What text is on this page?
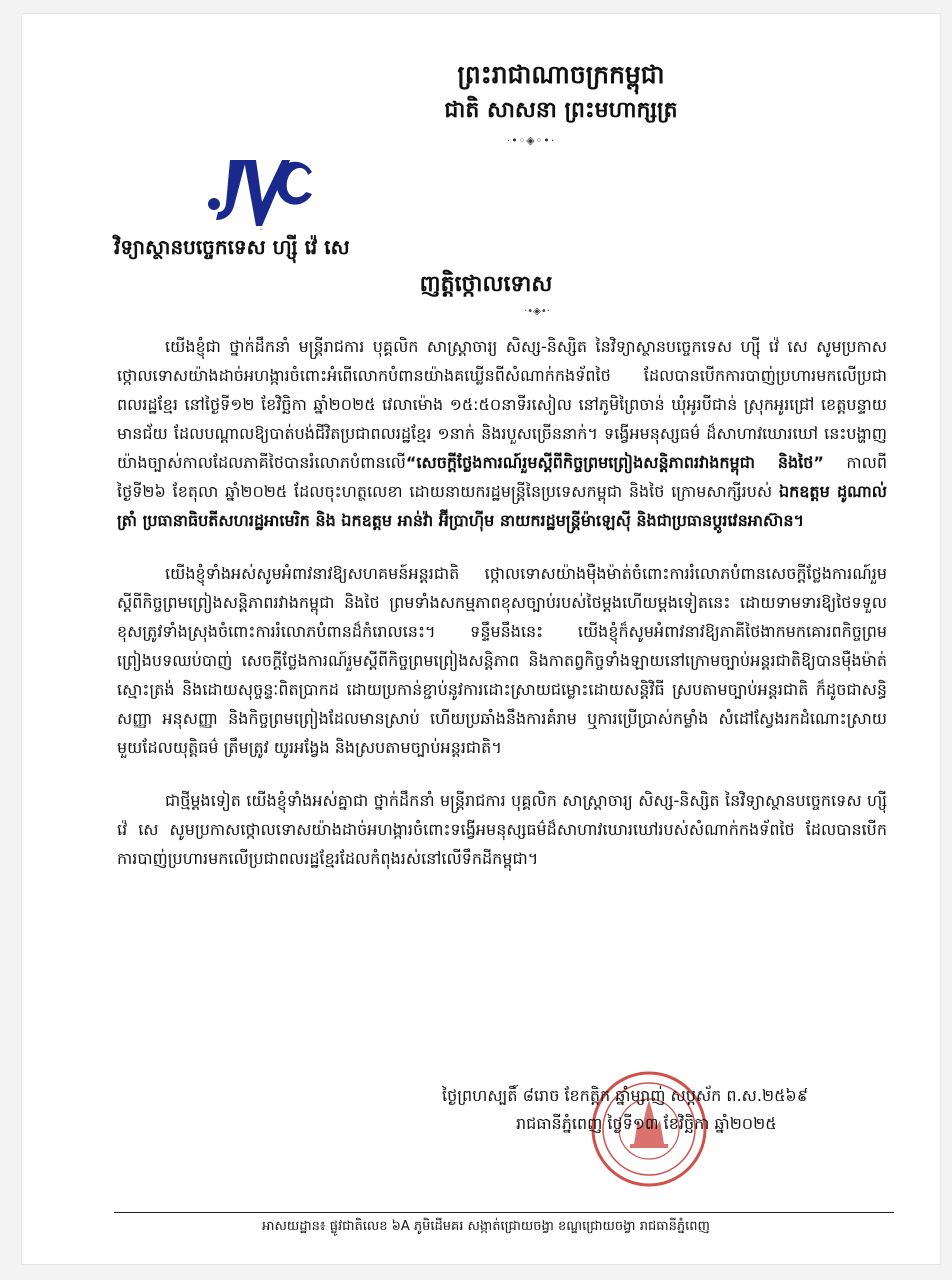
ព្រះរាជាណាចក្រកម្ពុជា
ជាតិ សាសនា ព្រះមហាក្សត្រ
·•◦◈◦•·
JVC
វិទ្យាស្ថានបច្ចេកទេស ហ្ស៊ី វ៉េ សេ
ញត្តិថ្កោលទោស
·•◈•·

យើងខ្ញុំជា ថ្នាក់ដឹកនាំ មន្ត្រីរាជការ បុគ្គលិក សាស្ត្រាចារ្យ សិស្ស-និស្សិត នៃវិទ្យាស្ថានបច្ចេកទេស ហ្ស៊ី វ៉េ សេ សូមប្រកាសថ្កោលទោសយ៉ាងដាច់អហង្ការចំពោះអំពើលោកបំពានយ៉ាងគឃ្លើនពីសំណាក់កងទ័ពថៃ ដែលបានបើកការបាញ់ប្រហារមកលើប្រជាពលរដ្ឋខ្មែរ នៅថ្ងៃទី១២ ខែវិច្ឆិកា ឆ្នាំ២០២៥ វេលាម៉ោង ១៥:៥០នាទីរសៀល នៅភូមិព្រៃចាន់ ឃុំអូរបីជាន់ ស្រុកអូរជ្រៅ ខេត្តបន្ទាយមានជ័យ ដែលបណ្តាលឱ្យបាត់បង់ជីវិតប្រជាពលរដ្ឋខ្មែរ ១នាក់ និងរបួសច្រើននាក់។ ទង្វើអមនុស្សធម៌ ដ៏សាហាវឃោរឃៅ នេះបង្ហាញយ៉ាងច្បាស់កាលដែលភាគីថៃបានរំលោភបំពានលើ“សេចក្តីថ្លែងការណ៍រួមស្តីពីកិច្ចព្រមព្រៀងសន្តិភាពរវាងកម្ពុជា និងថៃ” កាលពីថ្ងៃទី២៦ ខែតុលា ឆ្នាំ២០២៥ ដែលចុះហត្ថលេខា ដោយនាយករដ្ឋមន្ត្រីនៃប្រទេសកម្ពុជា និងថៃ ក្រោមសាក្សីរបស់ ឯកឧត្តម ដូណាល់ ត្រាំ ប្រធានាធិបតីសហរដ្ឋអាមេរិក និង ឯកឧត្តម អាន់វ៉ា អ៊ីប្រាហ៊ីម នាយករដ្ឋមន្ត្រីម៉ាឡេស៊ី និងជាប្រធានប្តូរវេនអាស៊ាន។

យើងខ្ញុំទាំងអស់សូមអំពាវនាវឱ្យសហគមន៍អន្តរជាតិ ថ្កោលទោសយ៉ាងម៉ឺងម៉ាត់ចំពោះការរំលោភបំពានសេចក្តីថ្លែងការណ៍រួមស្តីពីកិច្ចព្រមព្រៀងសន្តិភាពរវាងកម្ពុជា និងថៃ ព្រមទាំងសកម្មភាពខុសច្បាប់របស់ថៃម្តងហើយម្តងទៀតនេះ ដោយទាមទារឱ្យថៃទទួលខុសត្រូវទាំងស្រុងចំពោះការរំលោភបំពានដ៏កំរោលនេះ។ ទន្ទឹមនឹងនេះ យើងខ្ញុំក៏សូមអំពាវនាវឱ្យភាគីថៃងាកមកគោរពកិច្ចព្រមព្រៀងបទឈប់បាញ់ សេចក្តីថ្លែងការណ៍រួមស្តីពីកិច្ចព្រមព្រៀងសន្តិភាព និងកាតព្វកិច្ចទាំងឡាយនៅក្រោមច្បាប់អន្តរជាតិឱ្យបានម៉ឺងម៉ាត់ ស្មោះត្រង់ និងដោយសុច្ចន្ទៈពិតប្រាកដ ដោយប្រកាន់ខ្ជាប់នូវការដោះស្រាយជម្លោះដោយសន្តិវិធី ស្របតាមច្បាប់អន្តរជាតិ ក៏ដូចជាសន្ធិសញ្ញា អនុសញ្ញា និងកិច្ចព្រមព្រៀងដែលមានស្រាប់ ហើយប្រឆាំងនឹងការគំរាម ឬការប្រើប្រាស់កម្លាំង សំដៅស្វែងរកដំណោះស្រាយ មួយដែលយុត្តិធម៌ ត្រឹមត្រូវ យូរអង្វែង និងស្របតាមច្បាប់អន្តរជាតិ។

ជាថ្មីម្តងទៀត យើងខ្ញុំទាំងអស់គ្នាជា ថ្នាក់ដឹកនាំ មន្ត្រីរាជការ បុគ្គលិក សាស្ត្រាចារ្យ សិស្ស-និស្សិត នៃវិទ្យាស្ថានបច្ចេកទេស ហ្ស៊ី វ៉េ សេ សូមប្រកាសថ្កោលទោសយ៉ាងដាច់អហង្ការចំពោះទង្វើអមនុស្សធម៌ដ៏សាហាវឃោរឃៅរបស់សំណាក់កងទ័ពថៃ ដែលបានបើកការបាញ់ប្រហារមកលើប្រជាពលរដ្ឋខ្មែរដែលកំពុងរស់នៅលើទឹកដីកម្ពុជា។

ថ្ងៃព្រហស្បតិ៍ ៨រោច ខែកត្តិក ឆ្នាំម្សាញ់ សប្តស័ក ព.ស.២៥៦៩
រាជធានីភ្នំពេញ ថ្ងៃទី១៣ ខែវិច្ឆិកា ឆ្នាំ២០២៥
អាសយដ្ឋាន៖ ផ្លូវជាតិលេខ ៦A ភូមិដើមគរ សង្កាត់ជ្រោយចង្វា ខណ្ឌជ្រោយចង្វា រាជធានីភ្នំពេញ
